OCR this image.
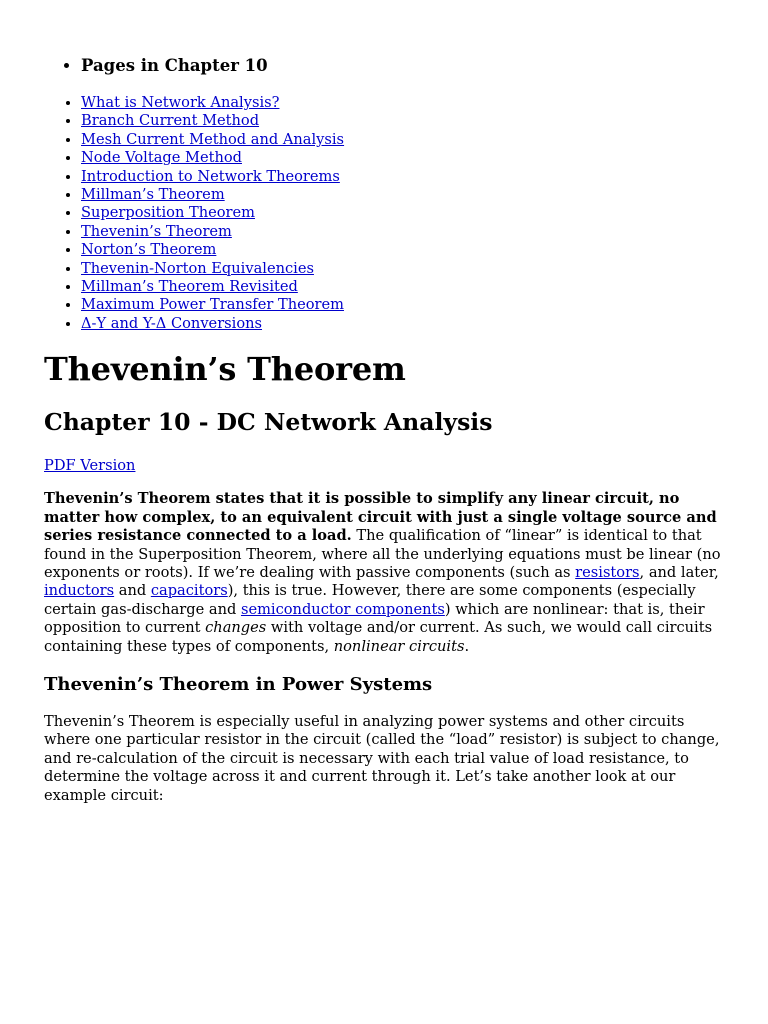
• Pages in Chapter 10
• What is Network Analysis?
• Branch Current Method
• Mesh Current Method and Analysis
• Node Voltage Method
• Introduction to Network Theorems
• Millman’s Theorem
• Superposition Theorem
• Thevenin’s Theorem
• Norton’s Theorem
• Thevenin-Norton Equivalencies
• Millman’s Theorem Revisited
• Maximum Power Transfer Theorem
• Δ-Y and Y-Δ Conversions
Thevenin’s Theorem
Chapter 10 - DC Network Analysis
PDF Version

Thevenin’s Theorem states that it is possible to simplify any linear circuit, no matter how complex, to an equivalent circuit with just a single voltage source and series resistance connected to a load. The qualification of “linear” is identical to that found in the Superposition Theorem, where all the underlying equations must be linear (no exponents or roots). If we’re dealing with passive components (such as resistors, and later, inductors and capacitors), this is true. However, there are some components (especially certain gas-discharge and semiconductor components) which are nonlinear: that is, their opposition to current changes with voltage and/or current. As such, we would call circuits containing these types of components, nonlinear circuits.

Thevenin’s Theorem in Power Systems

Thevenin’s Theorem is especially useful in analyzing power systems and other circuits where one particular resistor in the circuit (called the “load” resistor) is subject to change, and re-calculation of the circuit is necessary with each trial value of load resistance, to determine the voltage across it and current through it. Let’s take another look at our example circuit:
